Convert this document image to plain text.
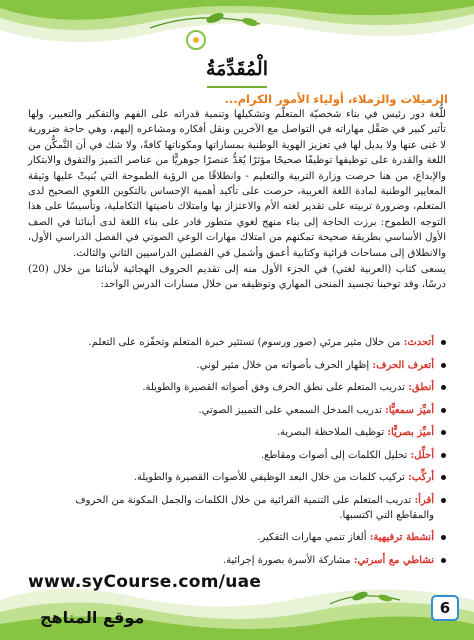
الْمُقَدِّمَةُ
الزميلات والزملاء، أولياء الأمور الكرام...

للُّغة دور رئيس في بناء شخصيّة المتعلّم وتشكيلها وتنمية قدراته على الفهم والتفكير والتعبير، ولها تأثير كبير في صَقْل مهاراته في التواصل مع الآخرين ونقل أفكاره ومشاعره إليهم، وهي حاجة ضرورية لا غنى عنها ولا بديل لها في تعزيز الهوية الوطنية بمساراتها ومكوناتها كافةً، ولا شك في أن التَّمكُّن من اللغة والقدرة على توظيفها توظيفًا صحيحًا مؤثرًا يُعَدُّ عنصرًا جوهريًّا من عناصر التميز والتفوق والابتكار والإبداع، من هنا حرصت وزارة التربية والتعليم - وانطلاقًا من الرؤية الطموحة التي بُنيتْ عليها وثيقة المعايير الوطنية لمادة اللغة العربية، حرصت على تأكيد أهمية الإحساس بالتكوين اللغوي الصحيح لدى المتعلم، وضرورة تربيته على تقدير لغته الأم والاعتزاز بها وامتلاك ناصيتها التكاملية، وتأسيسًا على هذا التوجه الطموح: برزت الحاجة إلى بناء منهج لغوي متطور قادر على بناء اللغة لدى أبنائنا في الصف الأول الأساسي بطريقة صحيحة تمكنهم من امتلاك مهارات الوعي الصوتي في الفصل الدراسي الأول، والانطلاق إلى مساحات قرائية وكتابية أعمق وأشمل في الفصلين الدراسيين الثاني والثالث.

يسعى كتاب (العربية لغتي) في الجزء الأول منه إلى تقديم الحروف الهجائية لأبنائنا من خلال (20) درسًا، وقد توخينا تجسيد المنحى المهاري وتوظيفه من خلال مسارات الدرس الواحد:

أتحدث: من خلال مثير مرئي (صور ورسوم) تستثير خبرة المتعلم وتحفّزه على التعلم.
أتعرف الحرف: إظهار الحرف بأصواته من خلال مثير لوني.
أنطق: تدريب المتعلم على نطق الحرف وفق أصواته القصيرة والطويلة.
أميِّز سمعيًّا: تدريب المدخل السمعي على التمييز الصوتي.
أميِّز بصريًّا: توظيف الملاحظة البصرية.
أحلِّل: تحليل الكلمات إلى أصوات ومقاطع.
أركِّب: تركيب كلمات من خلال البعد الوظيفي للأصوات القصيرة والطويلة.
أقرأ: تدريب المتعلم على التنمية القرائية من خلال الكلمات والجمل المكونة من الحروف والمقاطع التي اكتسبها.
أنشطة ترفيهية: ألغاز تنمي مهارات التفكير.
نشاطي مع أسرتي: مشاركة الأسرة بصورة إجرائية.
www.syCourse.com/uae
موقع المناهج	6
